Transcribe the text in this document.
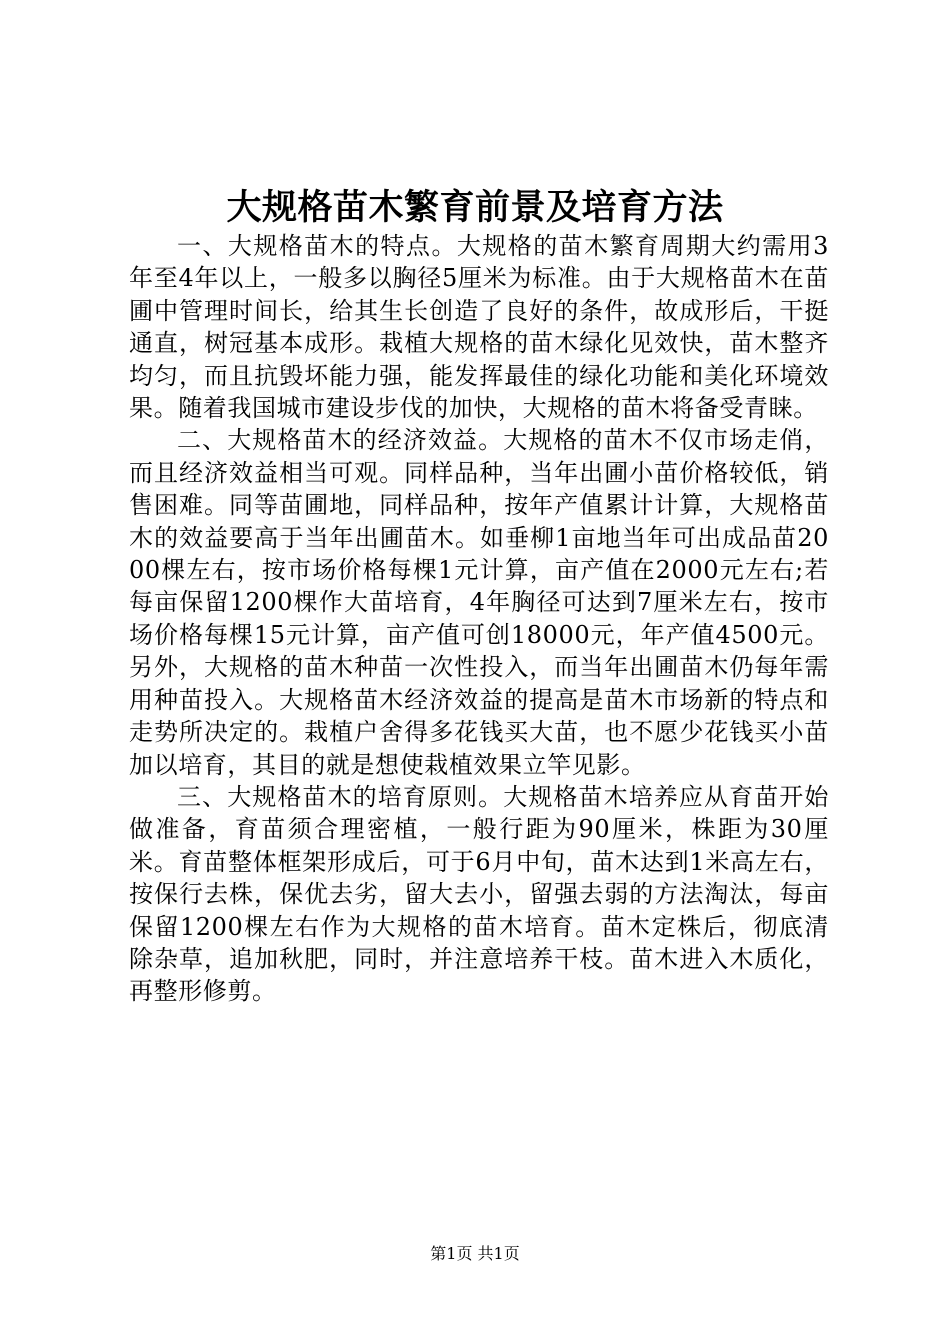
大规格苗木繁育前景及培育方法

一、大规格苗木的特点。大规格的苗木繁育周期大约需用3年至4年以上，一般多以胸径5厘米为标准。由于大规格苗木在苗圃中管理时间长，给其生长创造了良好的条件，故成形后，干挺通直，树冠基本成形。栽植大规格的苗木绿化见效快，苗木整齐均匀，而且抗毁坏能力强，能发挥最佳的绿化功能和美化环境效果。随着我国城市建设步伐的加快，大规格的苗木将备受青睐。

二、大规格苗木的经济效益。大规格的苗木不仅市场走俏，而且经济效益相当可观。同样品种，当年出圃小苗价格较低，销售困难。同等苗圃地，同样品种，按年产值累计计算，大规格苗木的效益要高于当年出圃苗木。如垂柳1亩地当年可出成品苗2000棵左右，按市场价格每棵1元计算，亩产值在2000元左右;若每亩保留1200棵作大苗培育，4年胸径可达到7厘米左右，按市场价格每棵15元计算，亩产值可创18000元，年产值4500元。另外，大规格的苗木种苗一次性投入，而当年出圃苗木仍每年需用种苗投入。大规格苗木经济效益的提高是苗木市场新的特点和走势所决定的。栽植户舍得多花钱买大苗，也不愿少花钱买小苗加以培育，其目的就是想使栽植效果立竿见影。

三、大规格苗木的培育原则。大规格苗木培养应从育苗开始做准备，育苗须合理密植，一般行距为90厘米，株距为30厘米。育苗整体框架形成后，可于6月中旬，苗木达到1米高左右，按保行去株，保优去劣，留大去小，留强去弱的方法淘汰，每亩保留1200棵左右作为大规格的苗木培育。苗木定株后，彻底清除杂草，追加秋肥，同时，并注意培养干枝。苗木进入木质化，再整形修剪。

第1页 共1页
